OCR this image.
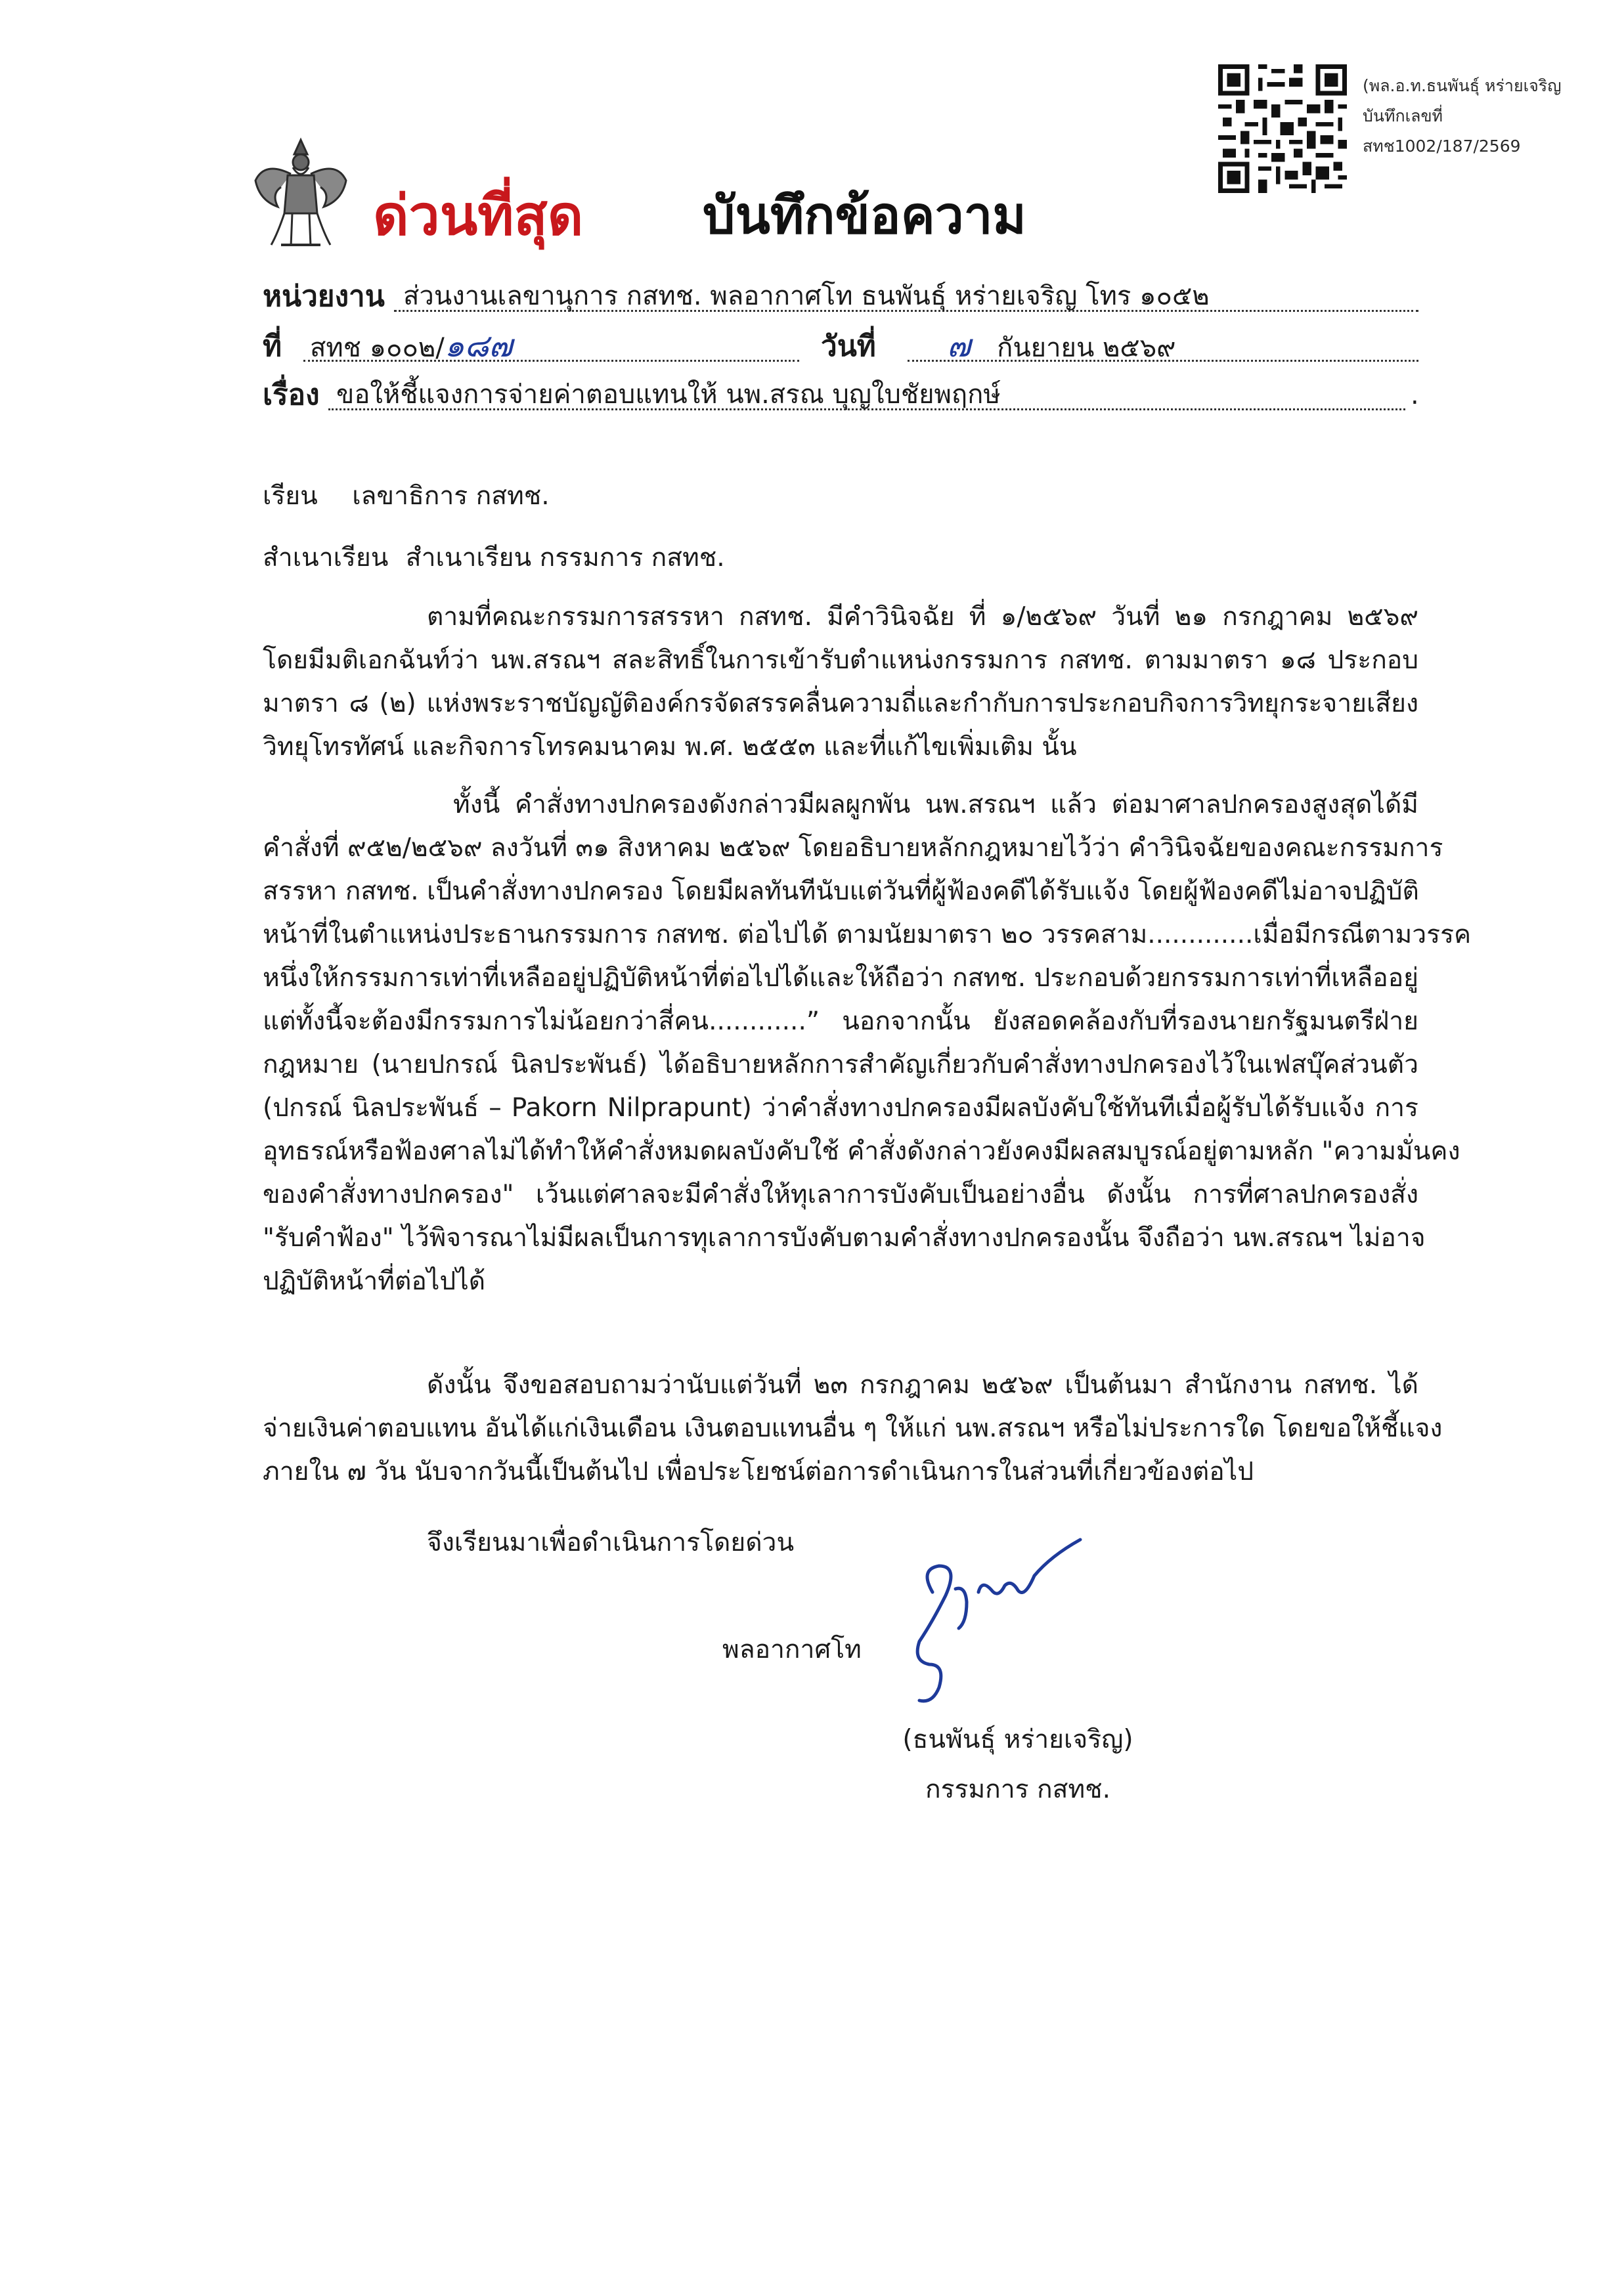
ด่วนที่สุด บันทึกข้อความ
(พล.อ.ท.ธนพันธุ์ หร่ายเจริญ
บันทึกเลขที่
สทช1002/187/2569
หน่วยงาน ส่วนงานเลขานุการ กสทช. พลอากาศโท ธนพันธุ์ หร่ายเจริญ โทร ๑๐๕๒
ที่ สทช ๑๐๐๒/๑๘๗	วันที่	๗ กันยายน ๒๕๖๙
เรื่อง ขอให้ชี้แจงการจ่ายค่าตอบแทนให้ นพ.สรณ บุญใบชัยพฤกษ์	.
เรียน เลขาธิการ กสทช.
สำเนาเรียน สำเนาเรียน กรรมการ กสทช.
ตามที่คณะกรรมการสรรหา กสทช. มีคำวินิจฉัย ที่ ๑/๒๕๖๙ วันที่ ๒๑ กรกฎาคม ๒๕๖๙
โดยมีมติเอกฉันท์ว่า นพ.สรณฯ สละสิทธิ์ในการเข้ารับตำแหน่งกรรมการ กสทช. ตามมาตรา ๑๘ ประกอบ
มาตรา ๘ (๒) แห่งพระราชบัญญัติองค์กรจัดสรรคลื่นความถี่และกำกับการประกอบกิจการวิทยุกระจายเสียง
วิทยุโทรทัศน์ และกิจการโทรคมนาคม พ.ศ. ๒๕๕๓ และที่แก้ไขเพิ่มเติม นั้น
ทั้งนี้ คำสั่งทางปกครองดังกล่าวมีผลผูกพัน นพ.สรณฯ แล้ว ต่อมาศาลปกครองสูงสุดได้มี
คำสั่งที่ ๙๕๒/๒๕๖๙ ลงวันที่ ๓๑ สิงหาคม ๒๕๖๙ โดยอธิบายหลักกฎหมายไว้ว่า คำวินิจฉัยของคณะกรรมการ
สรรหา กสทช. เป็นคำสั่งทางปกครอง โดยมีผลทันทีนับแต่วันที่ผู้ฟ้องคดีได้รับแจ้ง โดยผู้ฟ้องคดีไม่อาจปฏิบัติ
หน้าที่ในตำแหน่งประธานกรรมการ กสทช. ต่อไปได้ ตามนัยมาตรา ๒๐ วรรคสาม.............เมื่อมีกรณีตามวรรค
หนึ่งให้กรรมการเท่าที่เหลืออยู่ปฏิบัติหน้าที่ต่อไปได้และให้ถือว่า กสทช. ประกอบด้วยกรรมการเท่าที่เหลืออยู่
แต่ทั้งนี้จะต้องมีกรรมการไม่น้อยกว่าสี่คน............” นอกจากนั้น ยังสอดคล้องกับที่รองนายกรัฐมนตรีฝ่าย
กฎหมาย (นายปกรณ์ นิลประพันธ์) ได้อธิบายหลักการสำคัญเกี่ยวกับคำสั่งทางปกครองไว้ในเฟสบุ๊คส่วนตัว
(ปกรณ์ นิลประพันธ์ – Pakorn Nilprapunt) ว่าคำสั่งทางปกครองมีผลบังคับใช้ทันทีเมื่อผู้รับได้รับแจ้ง การ
อุทธรณ์หรือฟ้องศาลไม่ได้ทำให้คำสั่งหมดผลบังคับใช้ คำสั่งดังกล่าวยังคงมีผลสมบูรณ์อยู่ตามหลัก "ความมั่นคง
ของคำสั่งทางปกครอง" เว้นแต่ศาลจะมีคำสั่งให้ทุเลาการบังคับเป็นอย่างอื่น ดังนั้น การที่ศาลปกครองสั่ง
"รับคำฟ้อง" ไว้พิจารณาไม่มีผลเป็นการทุเลาการบังคับตามคำสั่งทางปกครองนั้น จึงถือว่า นพ.สรณฯ ไม่อาจ
ปฏิบัติหน้าที่ต่อไปได้
ดังนั้น จึงขอสอบถามว่านับแต่วันที่ ๒๓ กรกฎาคม ๒๕๖๙ เป็นต้นมา สำนักงาน กสทช. ได้
จ่ายเงินค่าตอบแทน อันได้แก่เงินเดือน เงินตอบแทนอื่น ๆ ให้แก่ นพ.สรณฯ หรือไม่ประการใด โดยขอให้ชี้แจง
ภายใน ๗ วัน นับจากวันนี้เป็นต้นไป เพื่อประโยชน์ต่อการดำเนินการในส่วนที่เกี่ยวข้องต่อไป
จึงเรียนมาเพื่อดำเนินการโดยด่วน
พลอากาศโท
(ธนพันธุ์ หร่ายเจริญ)
กรรมการ กสทช.
